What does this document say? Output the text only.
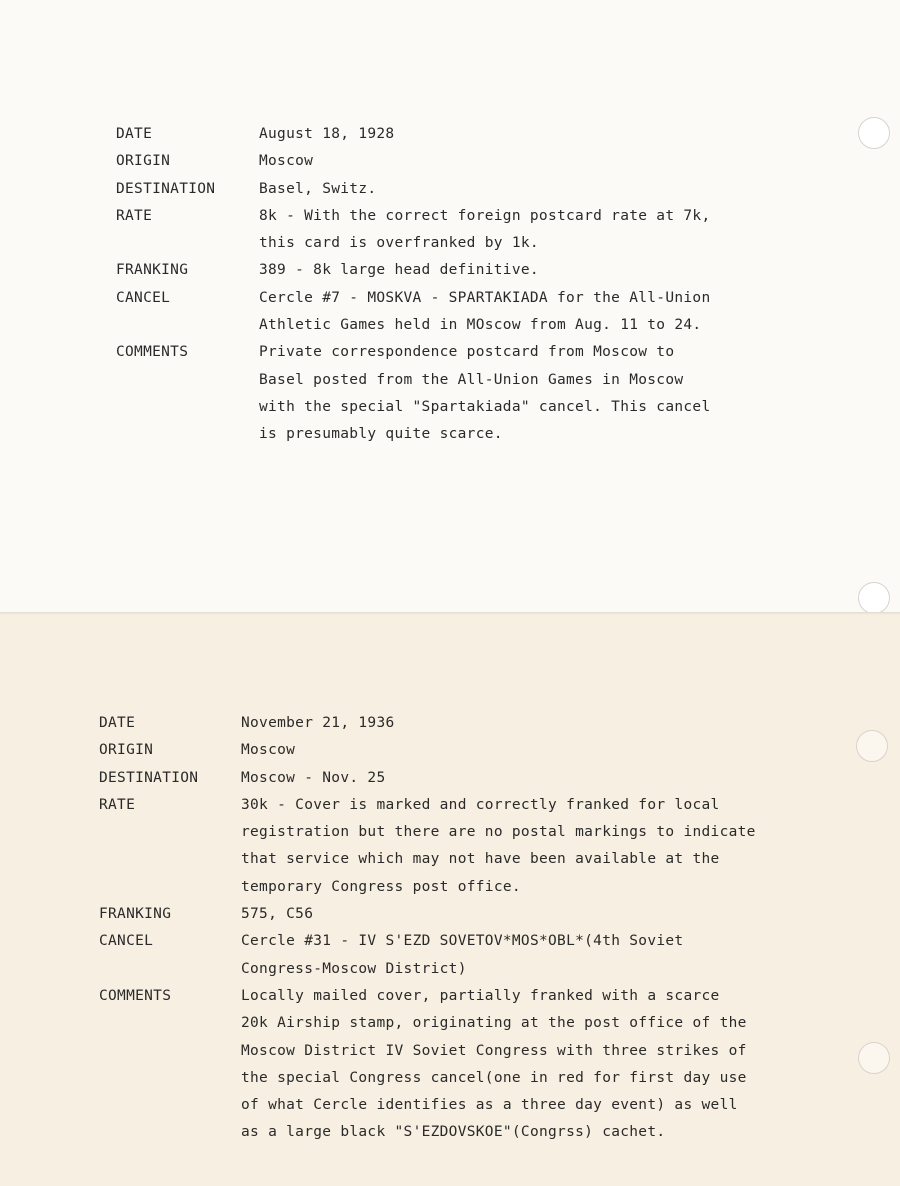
DATE	August 18, 1928
ORIGIN	Moscow
DESTINATION	Basel, Switz.
RATE	8k - With the correct foreign postcard rate at 7k,
this card is overfranked by 1k.
FRANKING	389 - 8k large head definitive.
CANCEL	Cercle #7 - MOSKVA - SPARTAKIADA for the All-Union
Athletic Games held in MOscow from Aug. 11 to 24.
COMMENTS	Private correspondence postcard from Moscow to
Basel posted from the All-Union Games in Moscow
with the special "Spartakiada" cancel. This cancel
is presumably quite scarce.
DATE	November 21, 1936
ORIGIN	Moscow
DESTINATION	Moscow - Nov. 25
RATE	30k - Cover is marked and correctly franked for local
registration but there are no postal markings to indicate
that service which may not have been available at the
temporary Congress post office.
FRANKING	575, C56
CANCEL	Cercle #31 - IV S'EZD SOVETOV*MOS*OBL*(4th Soviet
Congress-Moscow District)
COMMENTS	Locally mailed cover, partially franked with a scarce
20k Airship stamp, originating at the post office of the
Moscow District IV Soviet Congress with three strikes of
the special Congress cancel(one in red for first day use
of what Cercle identifies as a three day event) as well
as a large black "S'EZDOVSKOE"(Congrss) cachet.
